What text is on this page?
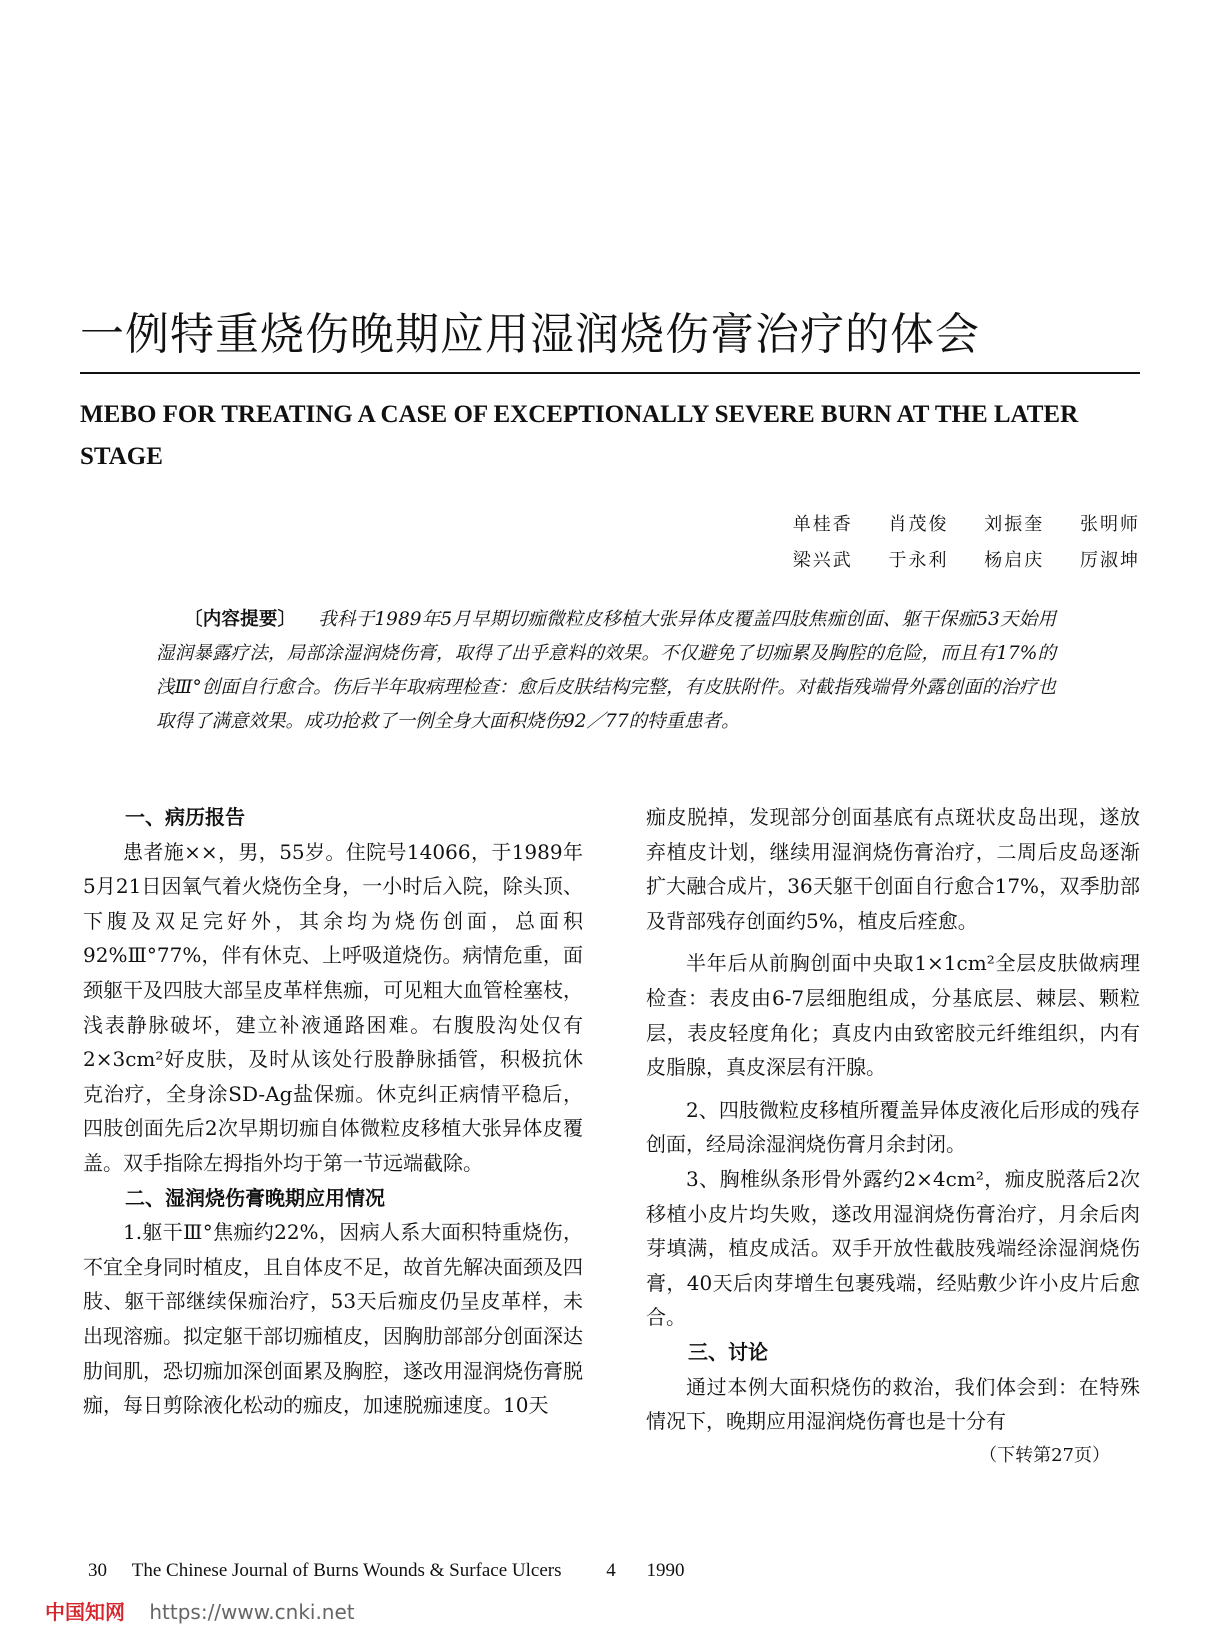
一例特重烧伤晚期应用湿润烧伤膏治疗的体会
MEBO FOR TREATING A CASE OF EXCEPTIONALLY SEVERE BURN AT THE LATER STAGE
单桂香 肖茂俊 刘振奎 张明师
梁兴武 于永利 杨启庆 厉淑坤
〔内容提要〕 我科于1989年5月早期切痂微粒皮移植大张异体皮覆盖四肢焦痂创面、躯干保痂53天始用湿润暴露疗法，局部涂湿润烧伤膏，取得了出乎意料的效果。不仅避免了切痂累及胸腔的危险，而且有17%的浅Ⅲ°创面自行愈合。伤后半年取病理检查：愈后皮肤结构完整，有皮肤附件。对截指残端骨外露创面的治疗也取得了满意效果。成功抢救了一例全身大面积烧伤92／77的特重患者。
一、病历报告

患者施××，男，55岁。住院号14066，于1989年5月21日因氧气着火烧伤全身，一小时后入院，除头顶、下腹及双足完好外，其余均为烧伤创面，总面积92%Ⅲ°77%，伴有休克、上呼吸道烧伤。病情危重，面颈躯干及四肢大部呈皮革样焦痂，可见粗大血管栓塞枝，浅表静脉破坏，建立补液通路困难。右腹股沟处仅有2×3cm²好皮肤，及时从该处行股静脉插管，积极抗休克治疗，全身涂SD-Ag盐保痂。休克纠正病情平稳后，四肢创面先后2次早期切痂自体微粒皮移植大张异体皮覆盖。双手指除左拇指外均于第一节远端截除。

二、湿润烧伤膏晚期应用情况

1.躯干Ⅲ°焦痂约22%，因病人系大面积特重烧伤，不宜全身同时植皮，且自体皮不足，故首先解决面颈及四肢、躯干部继续保痂治疗，53天后痂皮仍呈皮革样，未出现溶痂。拟定躯干部切痂植皮，因胸肋部部分创面深达肋间肌，恐切痂加深创面累及胸腔，遂改用湿润烧伤膏脱痂，每日剪除液化松动的痂皮，加速脱痂速度。10天

痂皮脱掉，发现部分创面基底有点斑状皮岛出现，遂放弃植皮计划，继续用湿润烧伤膏治疗，二周后皮岛逐渐扩大融合成片，36天躯干创面自行愈合17%，双季肋部及背部残存创面约5%，植皮后痊愈。

半年后从前胸创面中央取1×1cm²全层皮肤做病理检查：表皮由6-7层细胞组成，分基底层、棘层、颗粒层，表皮轻度角化；真皮内由致密胶元纤维组织，内有皮脂腺，真皮深层有汗腺。

2、四肢微粒皮移植所覆盖异体皮液化后形成的残存创面，经局涂湿润烧伤膏月余封闭。

3、胸椎纵条形骨外露约2×4cm²，痂皮脱落后2次移植小皮片均失败，遂改用湿润烧伤膏治疗，月余后肉芽填满，植皮成活。双手开放性截肢残端经涂湿润烧伤膏，40天后肉芽增生包裹残端，经贴敷少许小皮片后愈合。

三、讨论

通过本例大面积烧伤的救治，我们体会到：在特殊情况下，晚期应用湿润烧伤膏也是十分有

（下转第27页）
30 The Chinese Journal of Burns Wounds & Surface Ulcers 4 1990
中国知网 https://www.cnki.net
